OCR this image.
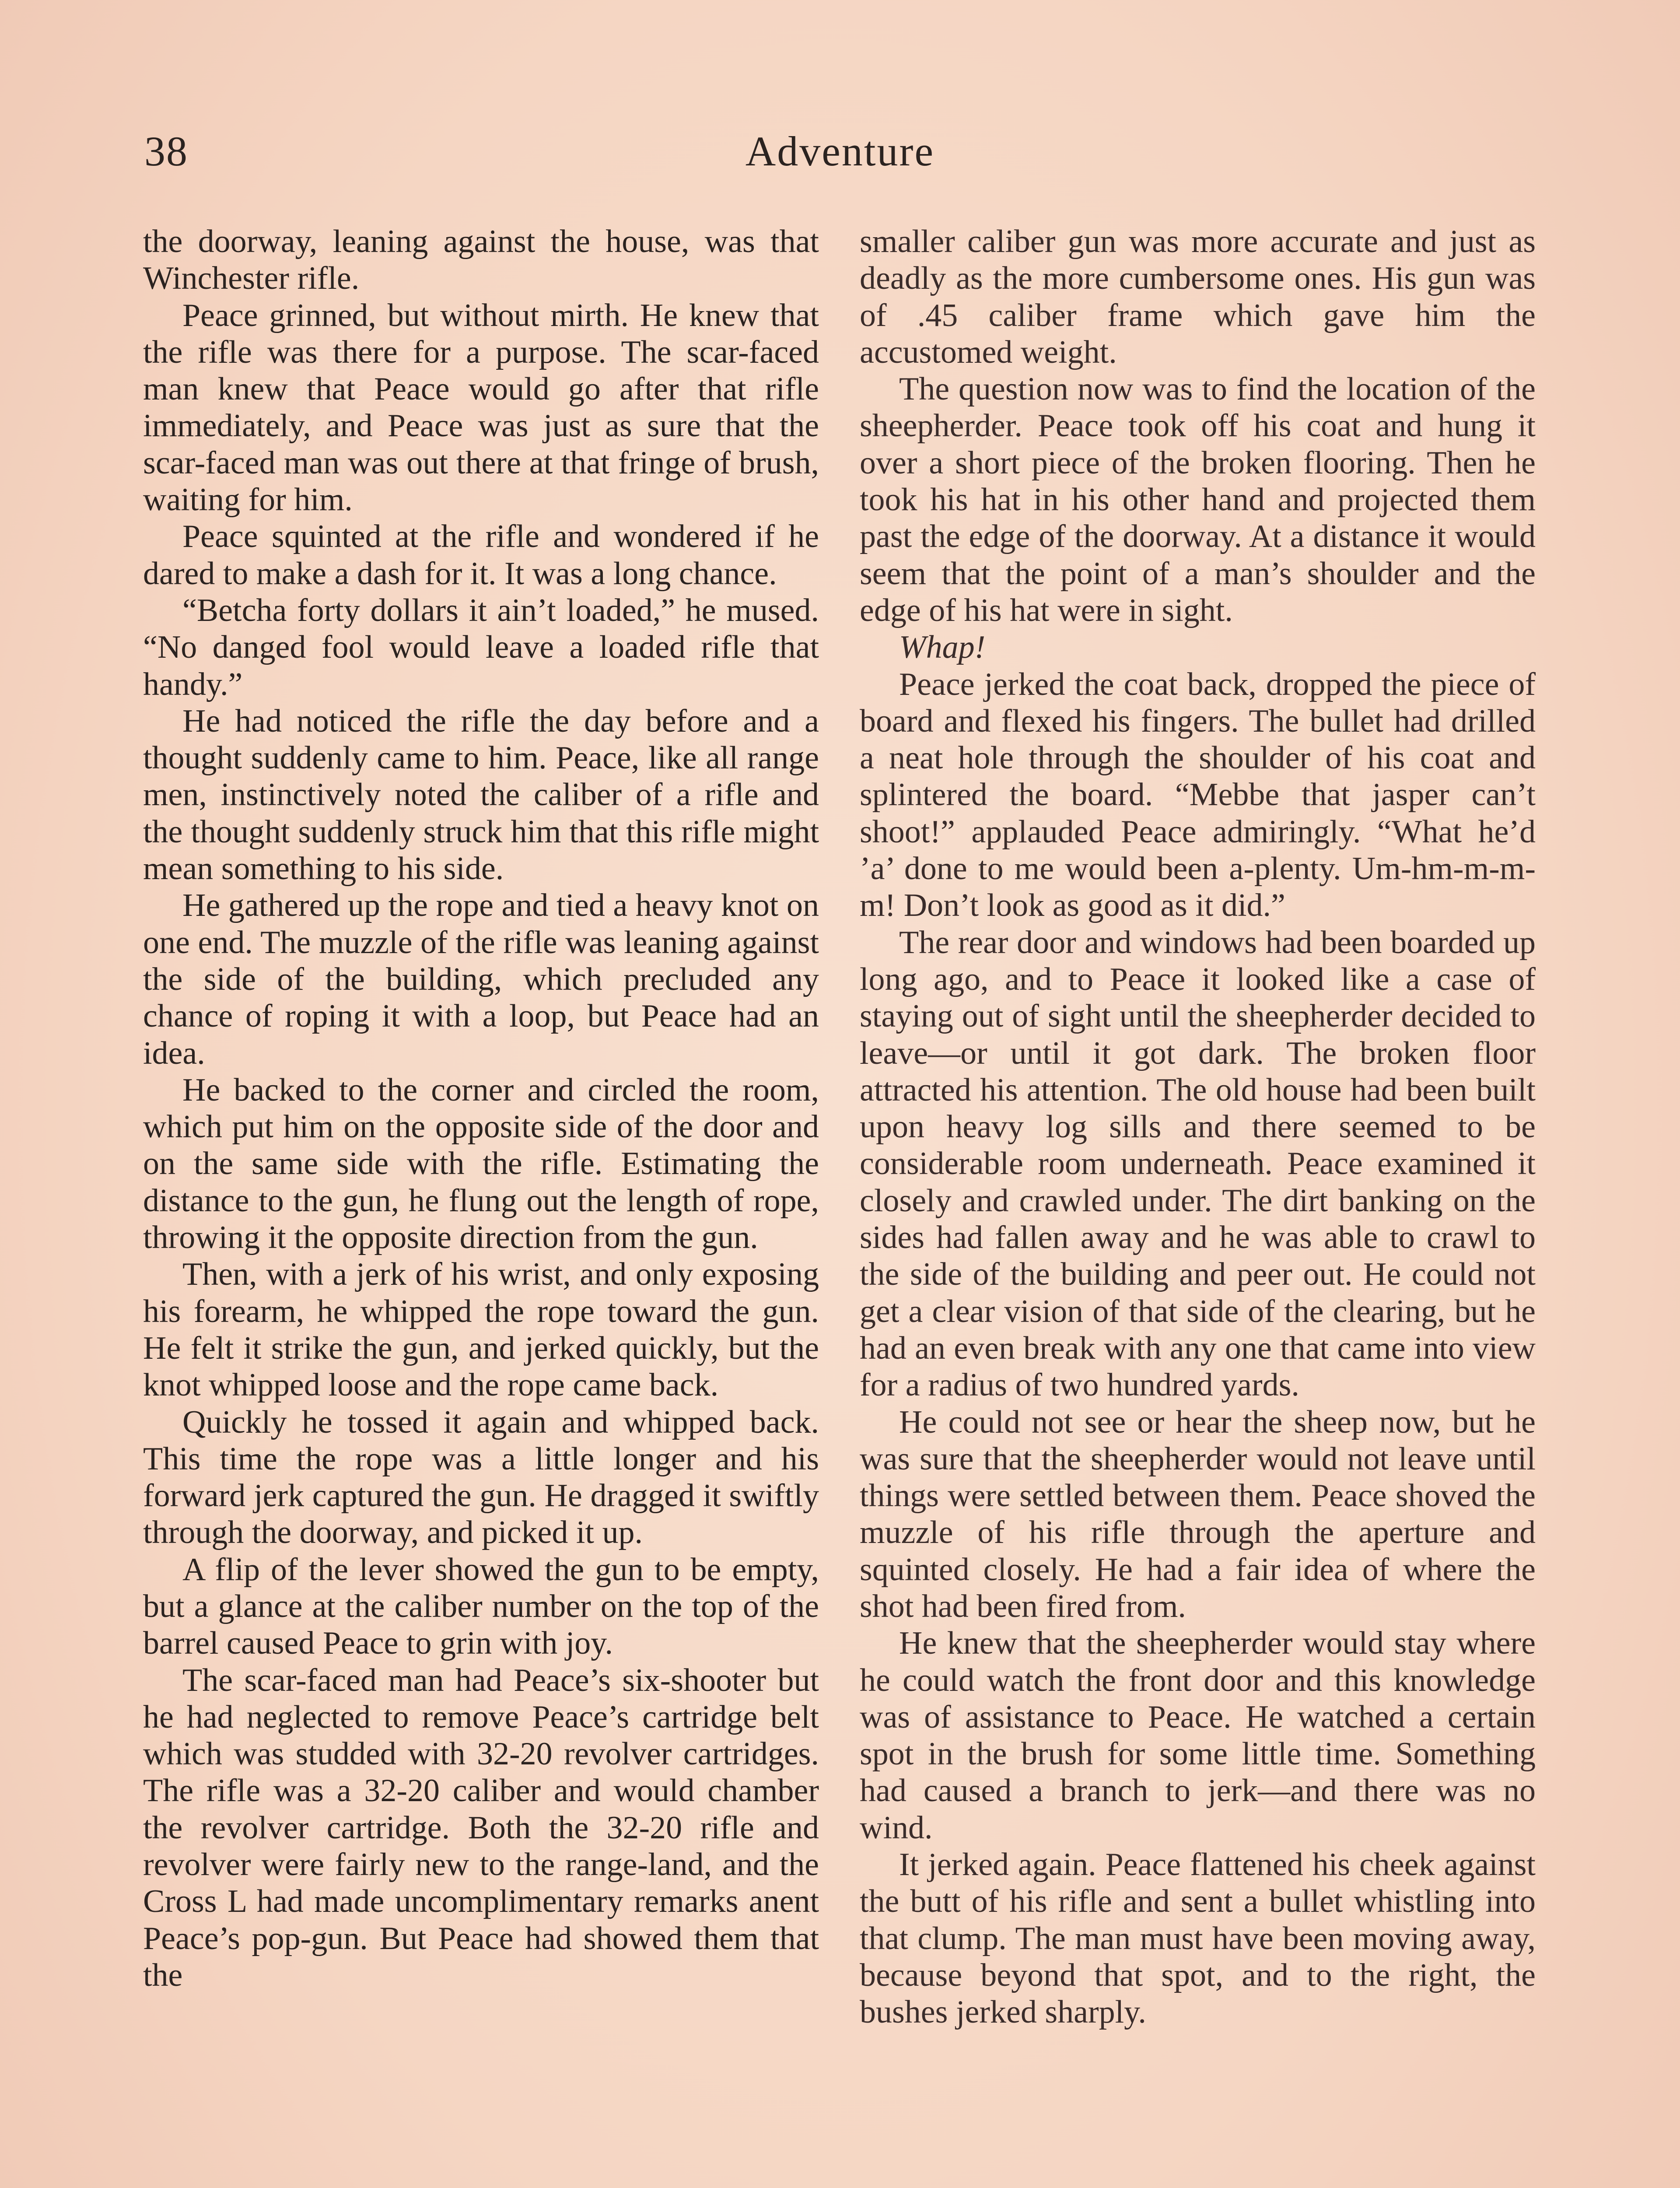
38	Adventure

the doorway, leaning against the house, was that Winchester rifle.

Peace grinned, but without mirth. He knew that the rifle was there for a purpose. The scar-faced man knew that Peace would go after that rifle immediately, and Peace was just as sure that the scar-faced man was out there at that fringe of brush, waiting for him.

Peace squinted at the rifle and wondered if he dared to make a dash for it. It was a long chance.

“Betcha forty dollars it ain’t loaded,” he mused. “No danged fool would leave a loaded rifle that handy.”

He had noticed the rifle the day before and a thought suddenly came to him. Peace, like all range men, instinctively noted the caliber of a rifle and the thought suddenly struck him that this rifle might mean something to his side.

He gathered up the rope and tied a heavy knot on one end. The muzzle of the rifle was leaning against the side of the building, which precluded any chance of roping it with a loop, but Peace had an idea.

He backed to the corner and circled the room, which put him on the opposite side of the door and on the same side with the rifle. Estimating the distance to the gun, he flung out the length of rope, throwing it the opposite direction from the gun.

Then, with a jerk of his wrist, and only exposing his forearm, he whipped the rope toward the gun. He felt it strike the gun, and jerked quickly, but the knot whipped loose and the rope came back.

Quickly he tossed it again and whipped back. This time the rope was a little longer and his forward jerk captured the gun. He dragged it swiftly through the doorway, and picked it up.

A flip of the lever showed the gun to be empty, but a glance at the caliber number on the top of the barrel caused Peace to grin with joy.

The scar-faced man had Peace’s six-shooter but he had neglected to remove Peace’s cartridge belt which was studded with 32-20 revolver cartridges. The rifle was a 32-20 caliber and would chamber the revolver cartridge. Both the 32-20 rifle and revolver were fairly new to the range-land, and the Cross L had made uncomplimentary remarks anent Peace’s pop-gun. But Peace had showed them that the

smaller caliber gun was more accurate and just as deadly as the more cumbersome ones. His gun was of .45 caliber frame which gave him the accustomed weight.

The question now was to find the location of the sheepherder. Peace took off his coat and hung it over a short piece of the broken flooring. Then he took his hat in his other hand and projected them past the edge of the doorway. At a distance it would seem that the point of a man’s shoulder and the edge of his hat were in sight.

Whap!

Peace jerked the coat back, dropped the piece of board and flexed his fingers. The bullet had drilled a neat hole through the shoulder of his coat and splintered the board. “Mebbe that jasper can’t shoot!” applauded Peace admiringly. “What he’d ’a’ done to me would been a-plenty. Um-hm-m-m-m! Don’t look as good as it did.”

The rear door and windows had been boarded up long ago, and to Peace it looked like a case of staying out of sight until the sheepherder decided to leave—or until it got dark. The broken floor attracted his attention. The old house had been built upon heavy log sills and there seemed to be considerable room underneath. Peace examined it closely and crawled under. The dirt banking on the sides had fallen away and he was able to crawl to the side of the building and peer out. He could not get a clear vision of that side of the clearing, but he had an even break with any one that came into view for a radius of two hundred yards.

He could not see or hear the sheep now, but he was sure that the sheepherder would not leave until things were settled between them. Peace shoved the muzzle of his rifle through the aperture and squinted closely. He had a fair idea of where the shot had been fired from.

He knew that the sheepherder would stay where he could watch the front door and this knowledge was of assistance to Peace. He watched a certain spot in the brush for some little time. Something had caused a branch to jerk—and there was no wind.

It jerked again. Peace flattened his cheek against the butt of his rifle and sent a bullet whistling into that clump. The man must have been moving away, because beyond that spot, and to the right, the bushes jerked sharply.
